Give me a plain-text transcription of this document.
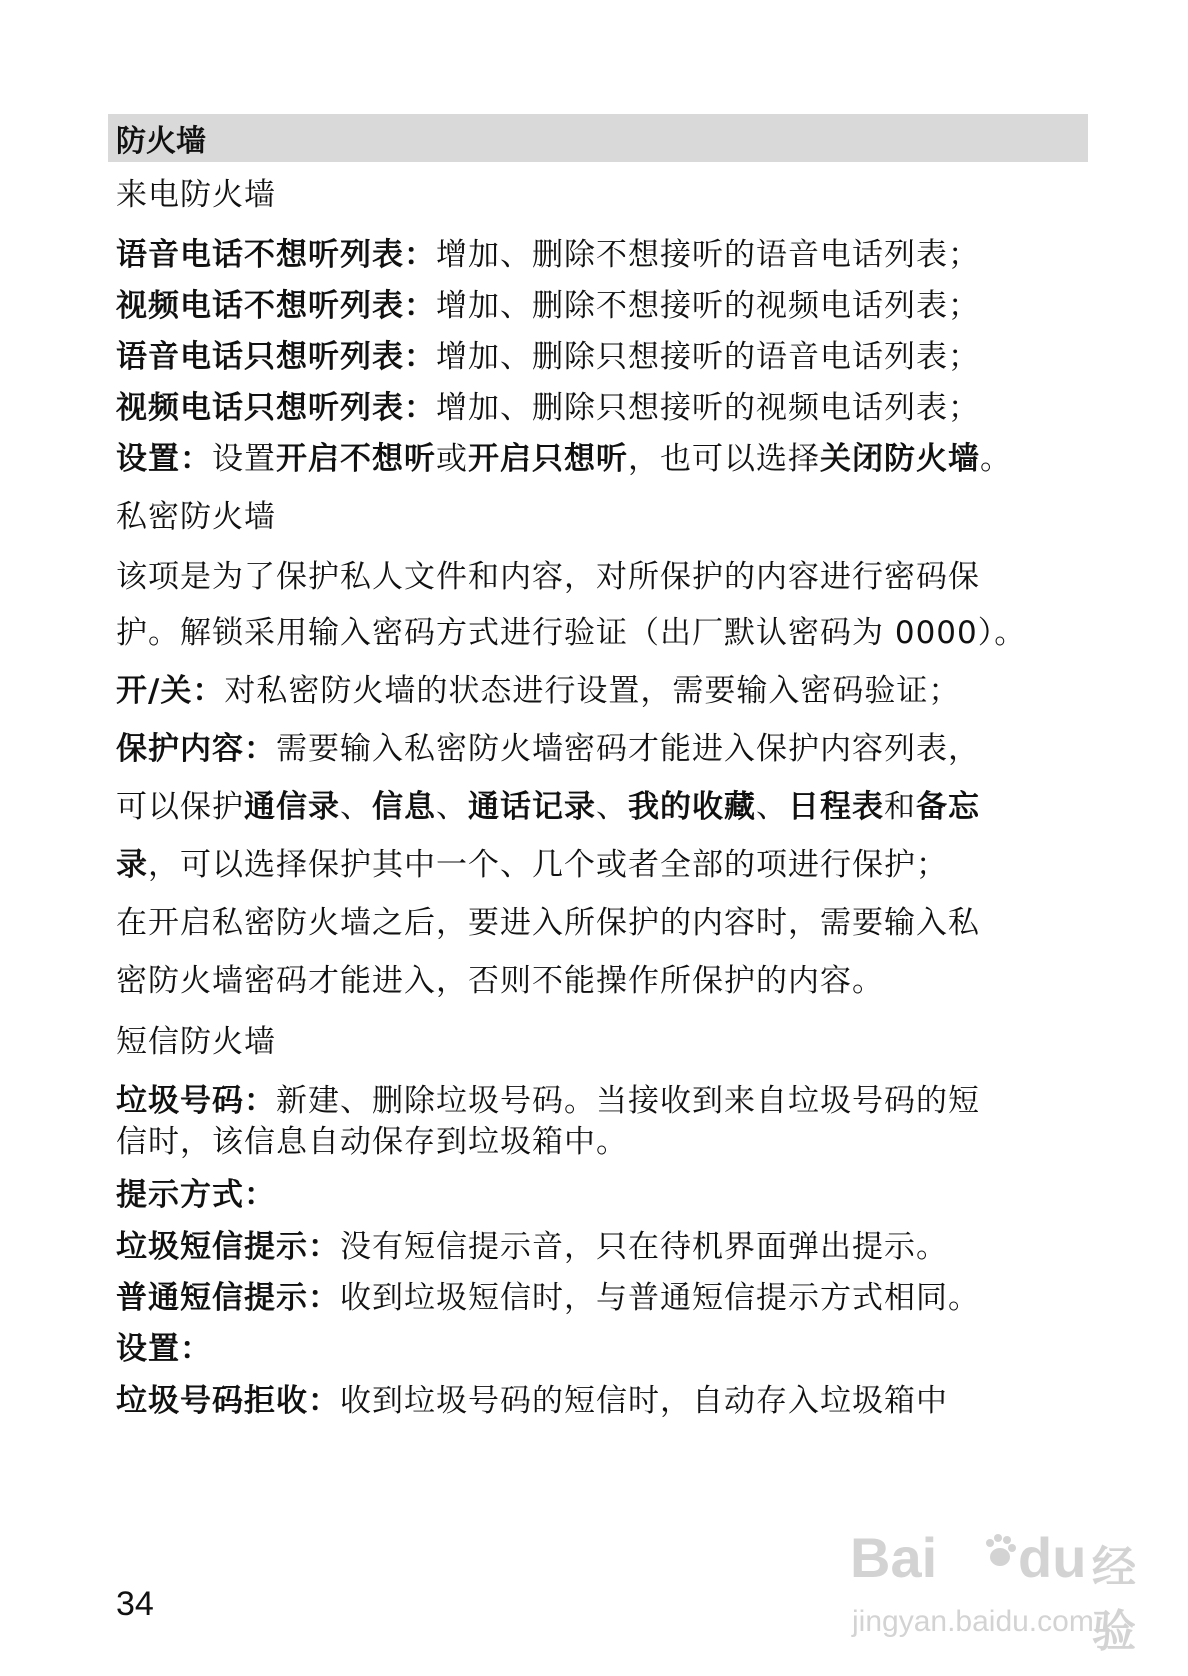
防火墙
来电防火墙
语音电话不想听列表：增加、删除不想接听的语音电话列表；
视频电话不想听列表：增加、删除不想接听的视频电话列表；
语音电话只想听列表：增加、删除只想接听的语音电话列表；
视频电话只想听列表：增加、删除只想接听的视频电话列表；
设置：设置开启不想听或开启只想听，也可以选择关闭防火墙。
私密防火墙
该项是为了保护私人文件和内容，对所保护的内容进行密码保
护。解锁采用输入密码方式进行验证（出厂默认密码为 0000）。
开/关：对私密防火墙的状态进行设置，需要输入密码验证；
保护内容：需要输入私密防火墙密码才能进入保护内容列表，
可以保护通信录、信息、通话记录、我的收藏、日程表和备忘
录，可以选择保护其中一个、几个或者全部的项进行保护；
在开启私密防火墙之后，要进入所保护的内容时，需要输入私
密防火墙密码才能进入，否则不能操作所保护的内容。
短信防火墙
垃圾号码：新建、删除垃圾号码。当接收到来自垃圾号码的短
信时，该信息自动保存到垃圾箱中。
提示方式：
垃圾短信提示：没有短信提示音，只在待机界面弹出提示。
普通短信提示：收到垃圾短信时，与普通短信提示方式相同。
设置：
垃圾号码拒收：收到垃圾号码的短信时，自动存入垃圾箱中
34
Bai du 经验
jingyan.baidu.com
